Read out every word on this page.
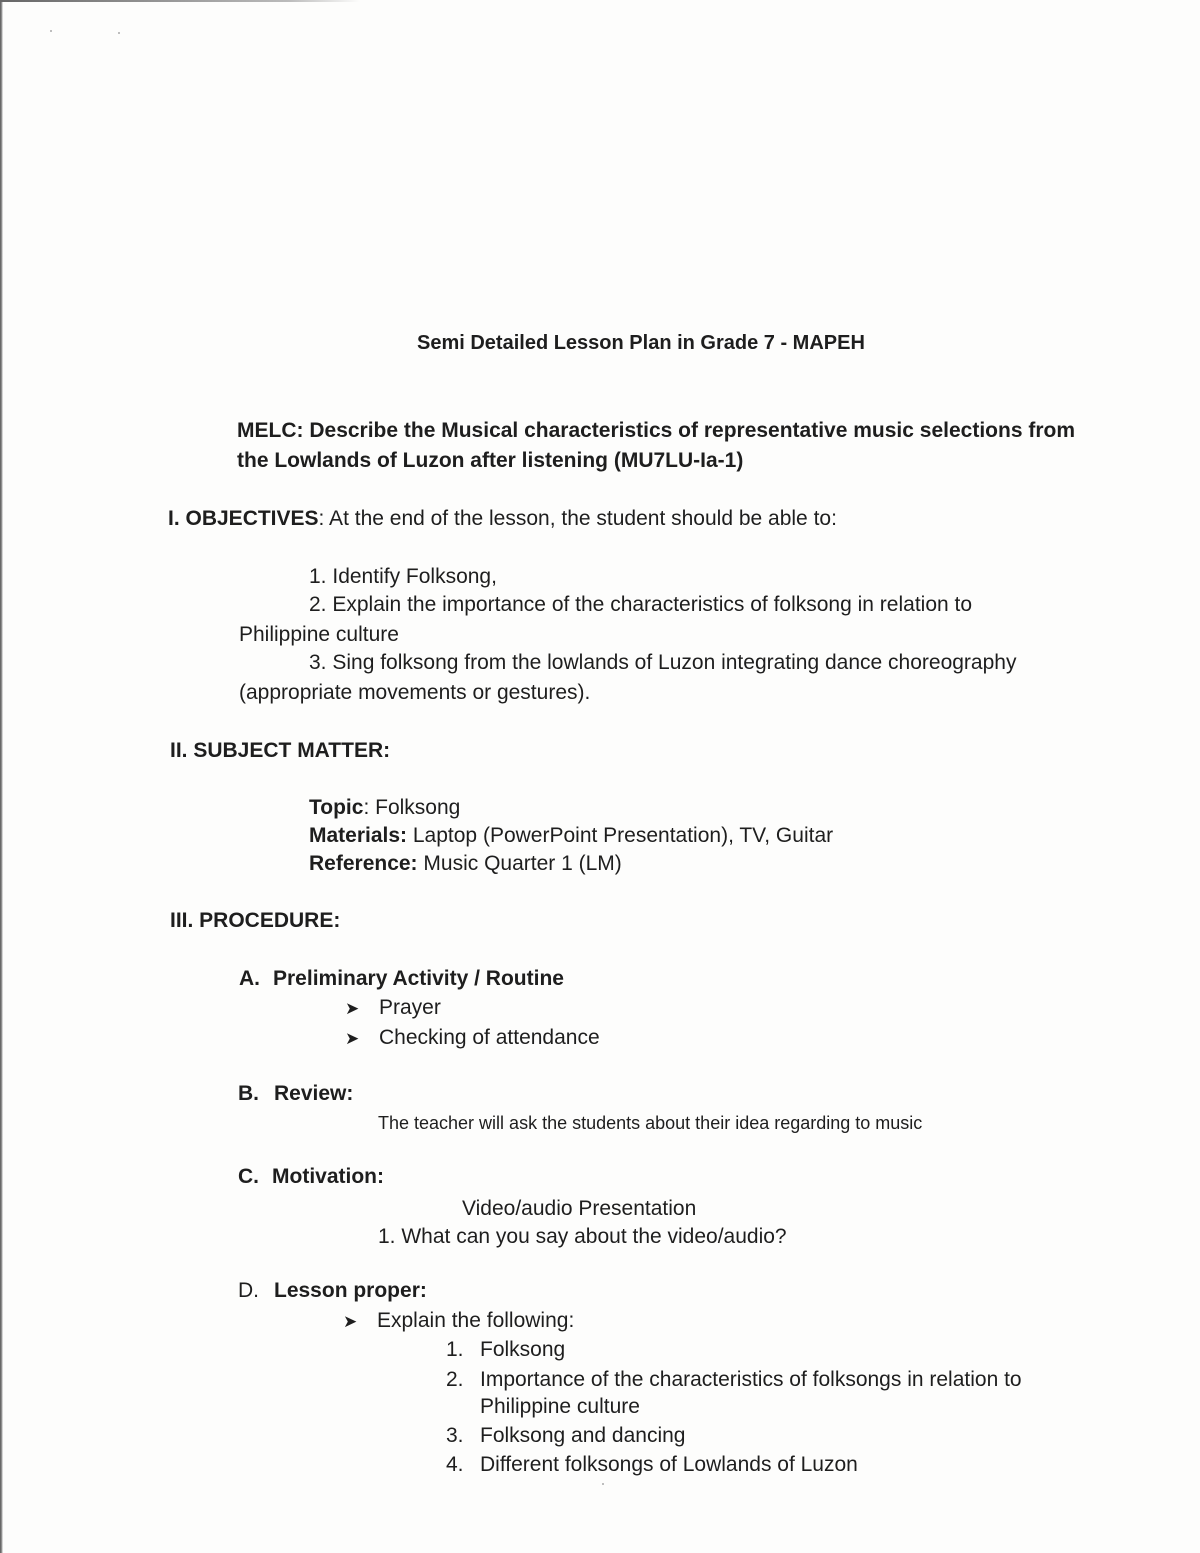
Semi Detailed Lesson Plan in Grade 7 - MAPEH
MELC: Describe the Musical characteristics of representative music selections from
the Lowlands of Luzon after listening (MU7LU-Ia-1)
I. OBJECTIVES: At the end of the lesson, the student should be able to:
1. Identify Folksong,
2. Explain the importance of the characteristics of folksong in relation to
Philippine culture
3. Sing folksong from the lowlands of Luzon integrating dance choreography
(appropriate movements or gestures).
II. SUBJECT MATTER:
Topic: Folksong
Materials: Laptop (PowerPoint Presentation), TV, Guitar
Reference: Music Quarter 1 (LM)
III. PROCEDURE:
A. Preliminary Activity / Routine
➤ Prayer
➤ Checking of attendance
B. Review:
The teacher will ask the students about their idea regarding to music
C. Motivation:
Video/audio Presentation
1. What can you say about the video/audio?
D. Lesson proper:
➤ Explain the following:
1. Folksong
2. Importance of the characteristics of folksongs in relation to
Philippine culture
3. Folksong and dancing
4. Different folksongs of Lowlands of Luzon
